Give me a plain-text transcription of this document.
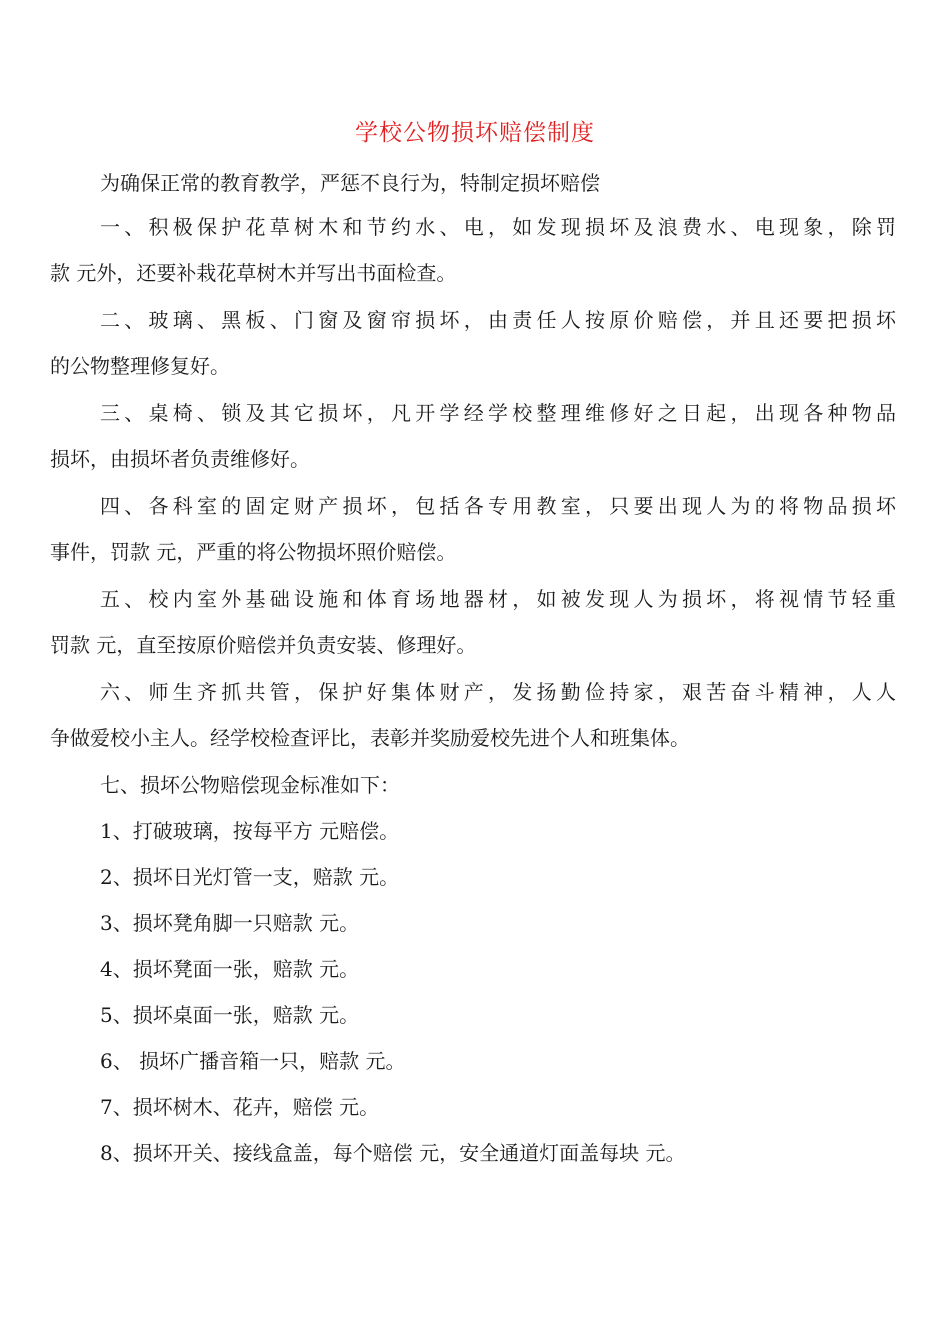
学校公物损坏赔偿制度
为确保正常的教育教学，严惩不良行为，特制定损坏赔偿
一、积极保护花草树木和节约水、电，如发现损坏及浪费水、电现象，除罚
款 元外，还要补栽花草树木并写出书面检查。
二、玻璃、黑板、门窗及窗帘损坏，由责任人按原价赔偿，并且还要把损坏
的公物整理修复好。
三、桌椅、锁及其它损坏，凡开学经学校整理维修好之日起，出现各种物品
损坏，由损坏者负责维修好。
四、各科室的固定财产损坏，包括各专用教室，只要出现人为的将物品损坏
事件，罚款 元，严重的将公物损坏照价赔偿。
五、校内室外基础设施和体育场地器材，如被发现人为损坏，将视情节轻重
罚款 元，直至按原价赔偿并负责安装、修理好。
六、师生齐抓共管，保护好集体财产，发扬勤俭持家，艰苦奋斗精神，人人
争做爱校小主人。经学校检查评比，表彰并奖励爱校先进个人和班集体。
七、损坏公物赔偿现金标准如下：
1、打破玻璃，按每平方 元赔偿。
2、损坏日光灯管一支，赔款 元。
3、损坏凳角脚一只赔款 元。
4、损坏凳面一张，赔款 元。
5、损坏桌面一张，赔款 元。
6、 损坏广播音箱一只，赔款 元。
7、损坏树木、花卉，赔偿 元。
8、损坏开关、接线盒盖，每个赔偿 元，安全通道灯面盖每块 元。
